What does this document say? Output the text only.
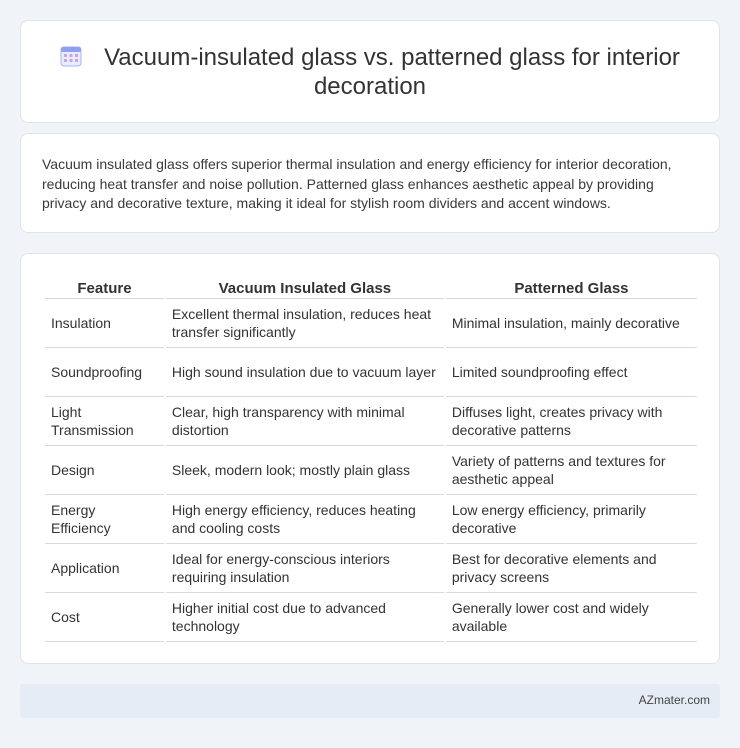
Vacuum-insulated glass vs. patterned glass for interior decoration

Vacuum insulated glass offers superior thermal insulation and energy efficiency for interior decoration, reducing heat transfer and noise pollution. Patterned glass enhances aesthetic appeal by providing privacy and decorative texture, making it ideal for stylish room dividers and accent windows.

Feature	Vacuum Insulated Glass	Patterned Glass
Insulation	Excellent thermal insulation, reduces heat transfer significantly	Minimal insulation, mainly decorative
Soundproofing	High sound insulation due to vacuum layer	Limited soundproofing effect
Light Transmission	Clear, high transparency with minimal distortion	Diffuses light, creates privacy with decorative patterns
Design	Sleek, modern look; mostly plain glass	Variety of patterns and textures for aesthetic appeal
Energy Efficiency	High energy efficiency, reduces heating and cooling costs	Low energy efficiency, primarily decorative
Application	Ideal for energy-conscious interiors requiring insulation	Best for decorative elements and privacy screens
Cost	Higher initial cost due to advanced technology	Generally lower cost and widely available
AZmater.com
